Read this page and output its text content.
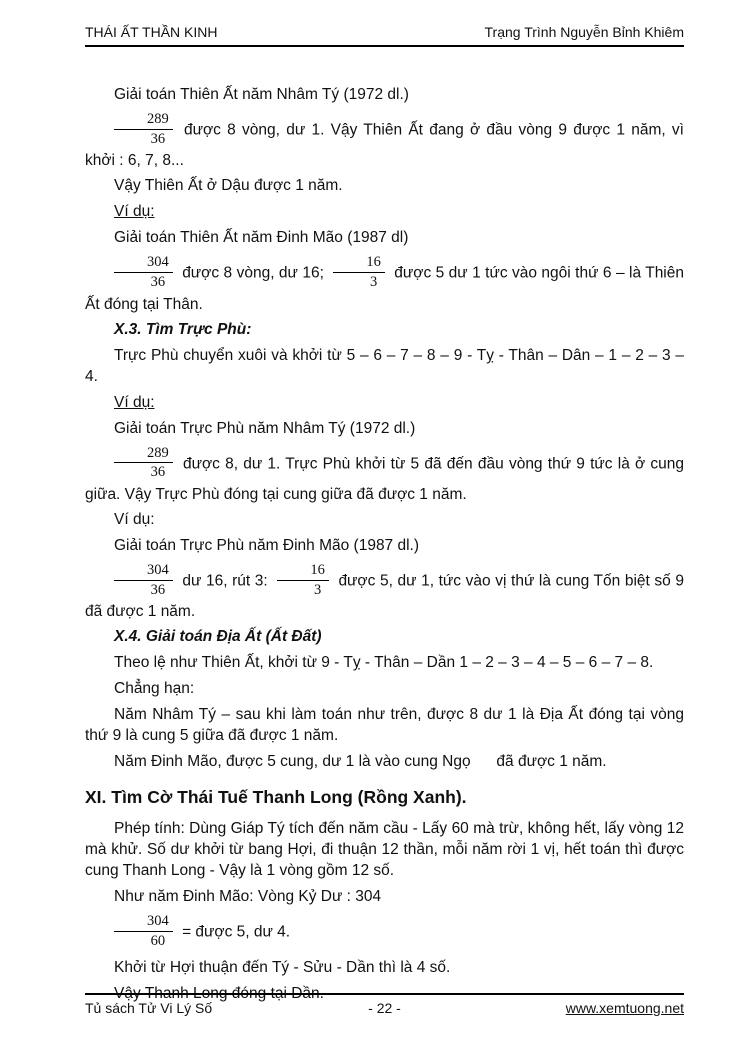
THÁI ẤT THẦN KINH	Trạng Trình Nguyễn Bỉnh Khiêm

Giải toán Thiên Ất năm Nhâm Tý (1972 dl.)

$\frac{289}{36}$ được 8 vòng, dư 1. Vậy Thiên Ất đang ở đầu vòng 9 được 1 năm, vì khởi : 6, 7, 8...

Vậy Thiên Ất ở Dậu được 1 năm.

Ví dụ:

Giải toán Thiên Ất năm Đinh Mão (1987 dl)

$\frac{304}{36}$ được 8 vòng, dư 16; $\frac{16}{3}$ được 5 dư 1 tức vào ngôi thứ 6 – là Thiên Ất đóng tại Thân.

X.3. Tìm Trực Phù:

Trực Phù chuyển xuôi và khởi từ 5 – 6 – 7 – 8 – 9 - Tỵ - Thân – Dân – 1 – 2 – 3 – 4.

Ví dụ:

Giải toán Trực Phù năm Nhâm Tý (1972 dl.)

$\frac{289}{36}$ được 8, dư 1. Trực Phù khởi từ 5 đã đến đầu vòng thứ 9 tức là ở cung giữa. Vậy Trực Phù đóng tại cung giữa đã được 1 năm.

Ví dụ:

Giải toán Trực Phù năm Đinh Mão (1987 dl.)

$\frac{304}{36}$ dư 16, rút 3: $\frac{16}{3}$ được 5, dư 1, tức vào vị thứ là cung Tốn biệt số 9 đã được 1 năm.

X.4. Giải toán Địa Ất (Ất Đất)

Theo lệ như Thiên Ất, khởi từ 9 - Tỵ - Thân – Dần 1 – 2 – 3 – 4 – 5 – 6 – 7 – 8.

Chẳng hạn:

Năm Nhâm Tý – sau khi làm toán như trên, được 8 dư 1 là Địa Ất đóng tại vòng thứ 9 là cung 5 giữa đã được 1 năm.

Năm Đinh Mão, được 5 cung, dư 1 là vào cung Ngọ      đã được 1 năm.

XI. Tìm Cờ Thái Tuế Thanh Long (Rồng Xanh).

Phép tính: Dùng Giáp Tý tích đến năm cầu - Lấy 60 mà trừ, không hết, lấy vòng 12 mà khử. Số dư khởi từ bang Hợi, đi thuận 12 thần, mỗi năm rời 1 vị, hết toán thì được cung Thanh Long - Vậy là 1 vòng gồm 12 số.

Như năm Đinh Mão: Vòng Kỷ Dư : 304

$\frac{304}{60}$ = được 5, dư 4.

Khởi từ Hợi thuận đến Tý - Sửu - Dần thì là 4 số.

Vậy Thanh Long đóng tại Dần.

Tủ sách Tử Vi Lý Số	- 22 -	www.xemtuong.net
